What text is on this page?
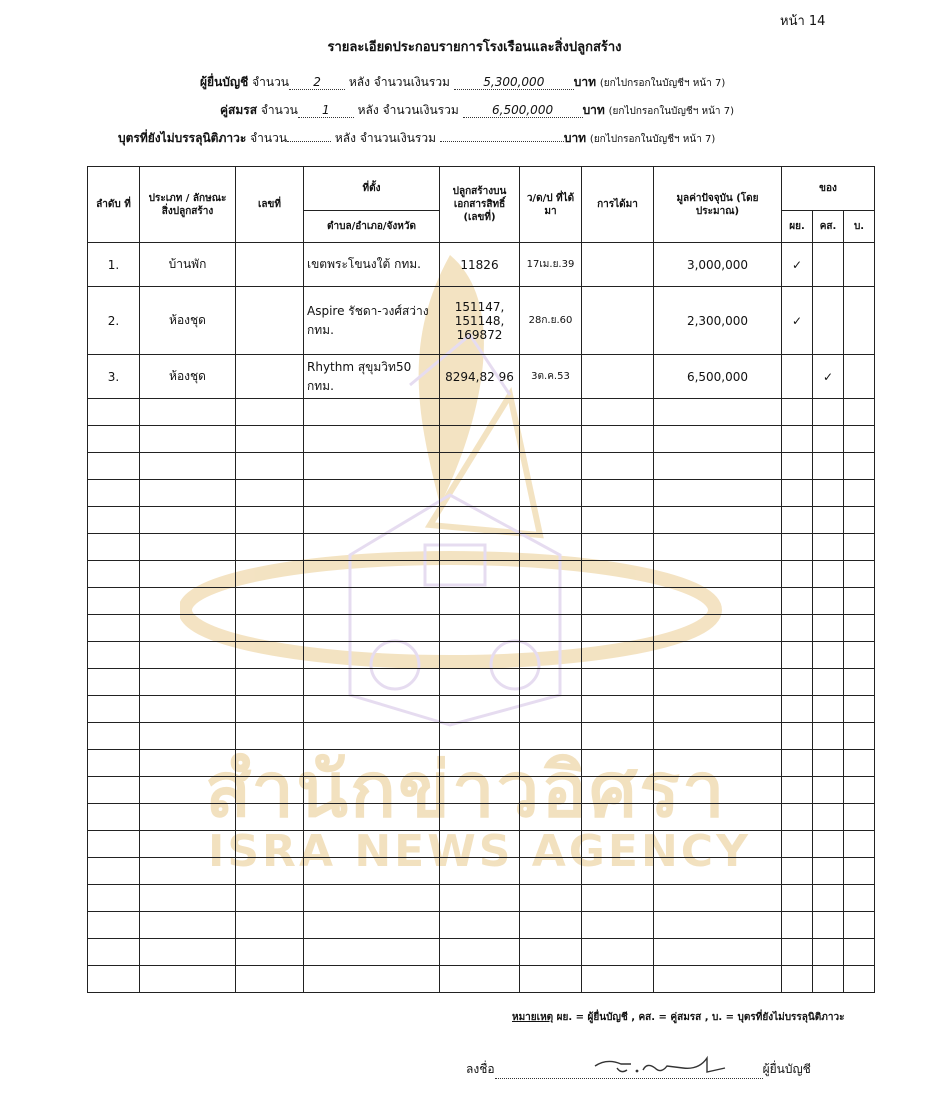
สำนักข่าวอิศรา
ISRA NEWS AGENCY
หน้า 14
รายละเอียดประกอบรายการโรงเรือนและสิ่งปลูกสร้าง
ผู้ยื่นบัญชี จำนวน 2 หลัง จำนวนเงินรวม	5,300,000 บาท (ยกไปกรอกในบัญชีฯ หน้า 7)
คู่สมรส จำนวน 1 หลัง จำนวนเงินรวม	6,500,000 บาท (ยกไปกรอกในบัญชีฯ หน้า 7)
บุตรที่ยังไม่บรรลุนิติภาวะ จำนวน	หลัง จำนวนเงินรวม	บาท (ยกไปกรอกในบัญชีฯ หน้า 7)
ลำดับ ที่	ประเภท / ลักษณะ สิ่งปลูกสร้าง	เลขที่	ที่ตั้ง	ปลูกสร้างบน เอกสารสิทธิ์ (เลขที่)	ว/ด/ป ที่ได้มา	การได้มา	มูลค่าปัจจุบัน (โดยประมาณ)	ของ		
			ตำบล/อำเภอ/จังหวัด					ผย.	คส.	บ.
1.	บ้านพัก		เขตพระโขนงใต้ กทม.	11826	17เม.ย.39		3,000,000	✓		
2.	ห้องชุด		Aspire รัชดา-วงศ์สว่าง กทม.	151147, 151148, 169872	28ก.ย.60		2,300,000	✓		
3.	ห้องชุด		Rhythm สุขุมวิท50 กทม.	8294,82 96	3ต.ค.53		6,500,000		✓	

หมายเหตุ ผย. = ผู้ยื่นบัญชี , คส. = คู่สมรส , บ. = บุตรที่ยังไม่บรรลุนิติภาวะ
ลงชื่อ	ผู้ยื่นบัญชี
